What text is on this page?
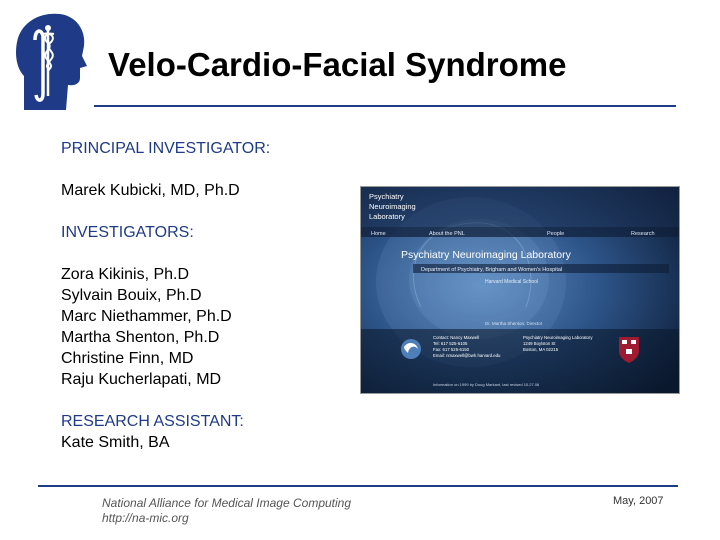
Velo-Cardio-Facial Syndrome
PRINCIPAL INVESTIGATOR:
Marek Kubicki, MD, Ph.D
INVESTIGATORS:
Zora Kikinis, Ph.D
Sylvain Bouix, Ph.D
Marc Niethammer, Ph.D
Martha Shenton, Ph.D
Christine Finn, MD
Raju Kucherlapati, MD
RESEARCH ASSISTANT:
Kate Smith, BA
Psychiatry
Neuroimaging
Laboratory
Home	About the PNL	People	Research
Psychiatry Neuroimaging Laboratory
Department of Psychiatry, Brigham and Women's Hospital
Harvard Medical School
Dr. Martha Shenton, Director
Contact: Nancy Maxwell
Tel: 617 525-6105
Fax: 617 525-6150
Email: nmaxwell@bwh.harvard.edu
Psychiatry Neuroimaging Laboratory
1249 Boylston St
Boston, MA 02215
Information on 1999 by Doug Markant, last revised 10.27.06
National Alliance for Medical Image Computing
http://na-mic.org
May, 2007
